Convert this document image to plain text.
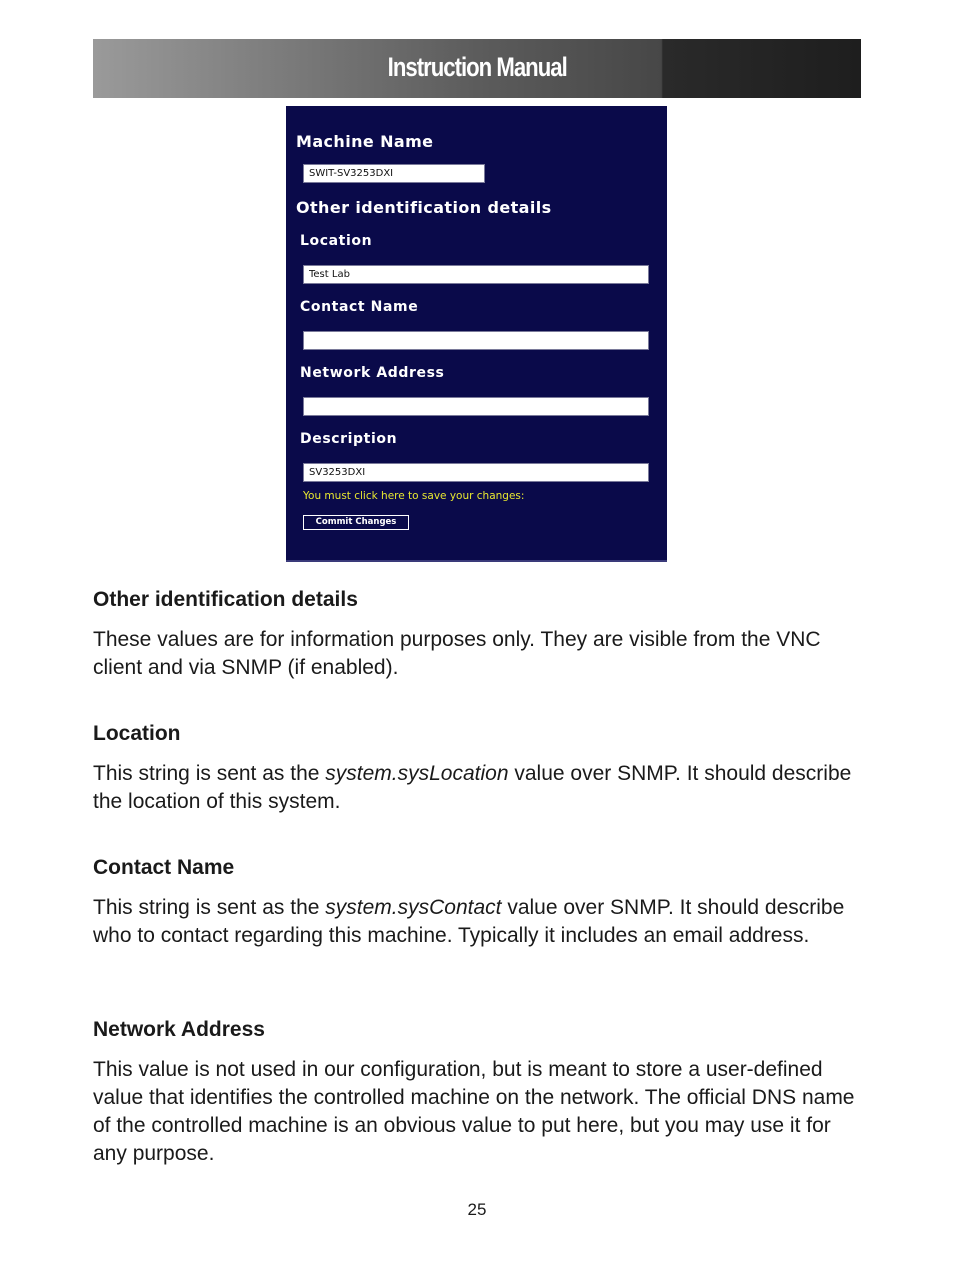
Instruction Manual
Machine Name
SWIT-SV3253DXI
Other identification details
Location
Test Lab
Contact Name
Network Address
Description
SV3253DXI
You must click here to save your changes:
Commit Changes
Other identification details
These values are for information purposes only. They are visible from the VNC client and via SNMP (if enabled).
Location
This string is sent as the system.sysLocation value over SNMP. It should describe the location of this system.
Contact Name
This string is sent as the system.sysContact value over SNMP. It should describe who to contact regarding this machine. Typically it includes an email address.
Network Address
This value is not used in our configuration, but is meant to store a user-defined value that identifies the controlled machine on the network. The official DNS name of the controlled machine is an obvious value to put here, but you may use it for any purpose.
25
